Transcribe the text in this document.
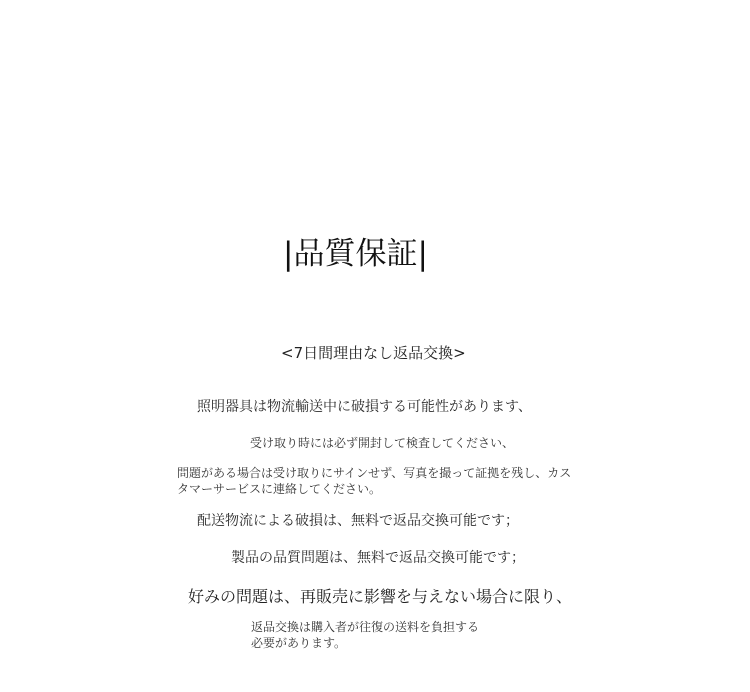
|品質保証|
<7日間理由なし返品交換>
照明器具は物流輸送中に破損する可能性があります、
受け取り時には必ず開封して検査してください、
問題がある場合は受け取りにサインせず、写真を撮って証拠を残し、カスタマーサービスに連絡してください。
配送物流による破損は、無料で返品交換可能です；
製品の品質問題は、無料で返品交換可能です；
好みの問題は、再販売に影響を与えない場合に限り、
返品交換は購入者が往復の送料を負担する
必要があります。
